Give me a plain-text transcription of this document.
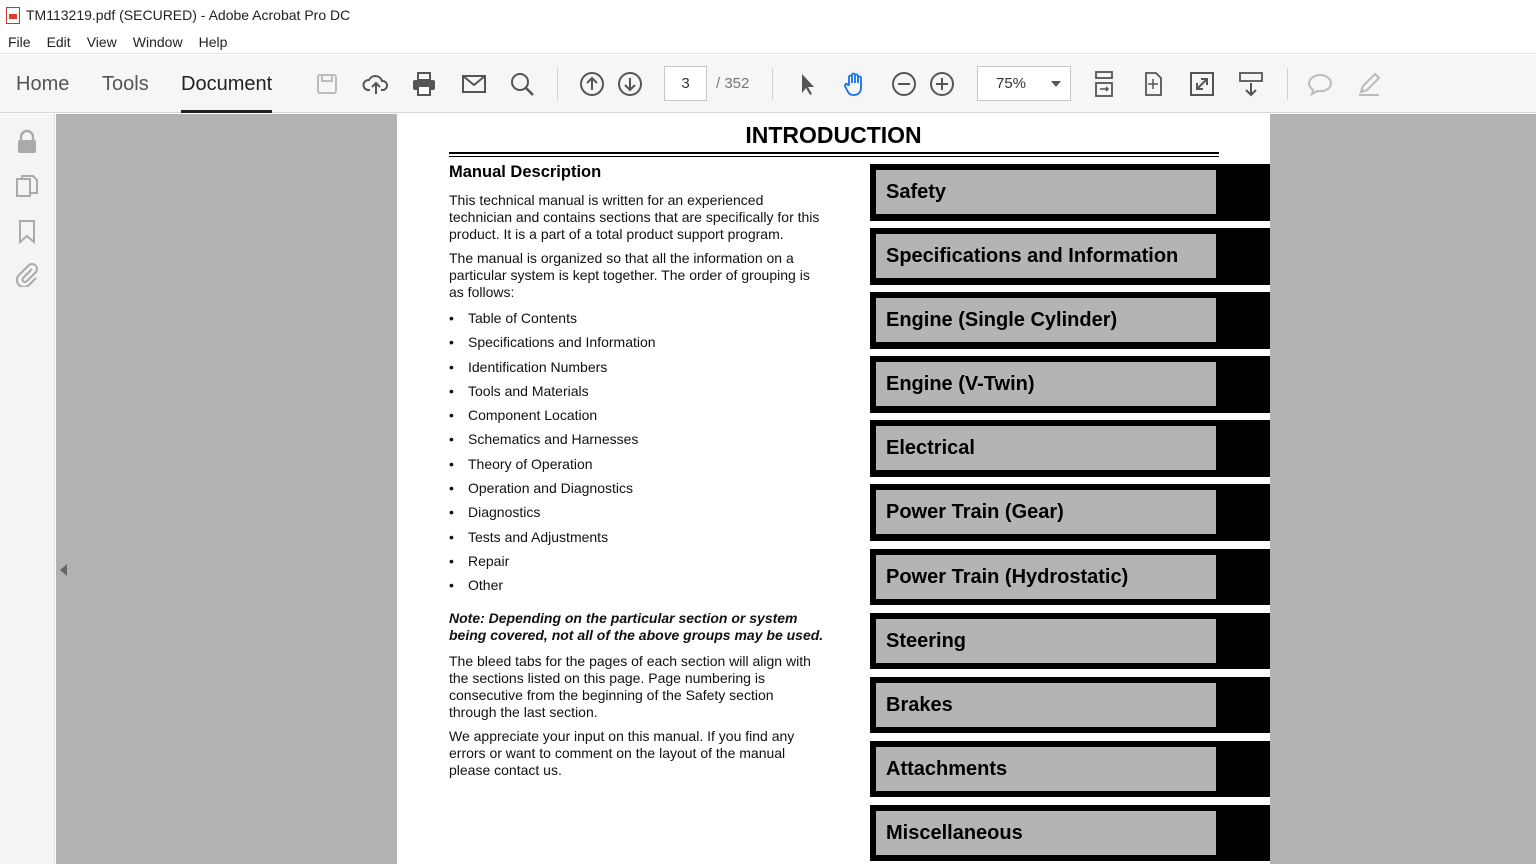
TM113219.pdf (SECURED) - Adobe Acrobat Pro DC
File	Edit	View	Window	Help
Home Tools Document	3	/ 352	75%
INTRODUCTION
Manual Description

This technical manual is written for an experienced technician and contains sections that are specifically for this product. It is a part of a total product support program.

The manual is organized so that all the information on a particular system is kept together. The order of grouping is as follows:

• Table of Contents
• Specifications and Information
• Identification Numbers
• Tools and Materials
• Component Location
• Schematics and Harnesses
• Theory of Operation
• Operation and Diagnostics
• Diagnostics
• Tests and Adjustments
• Repair
• Other

Note: Depending on the particular section or system being covered, not all of the above groups may be used.

The bleed tabs for the pages of each section will align with the sections listed on this page. Page numbering is consecutive from the beginning of the Safety section through the last section.

We appreciate your input on this manual. If you find any errors or want to comment on the layout of the manual please contact us.

Safety
Specifications and Information
Engine (Single Cylinder)
Engine (V-Twin)
Electrical
Power Train (Gear)
Power Train (Hydrostatic)
Steering
Brakes
Attachments
Miscellaneous
